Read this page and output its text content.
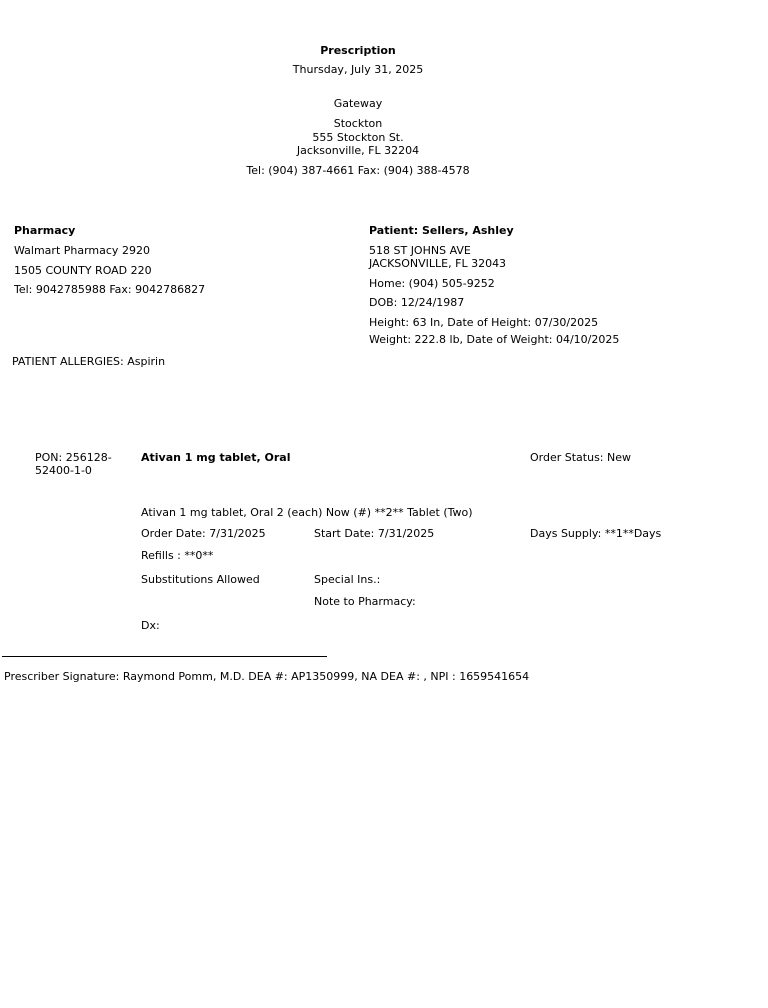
Prescription
Thursday, July 31, 2025
Gateway
Stockton
555 Stockton St.
Jacksonville, FL 32204
Tel: (904) 387-4661 Fax: (904) 388-4578
Pharmacy
Walmart Pharmacy 2920
1505 COUNTY ROAD 220
Tel: 9042785988 Fax: 9042786827
Patient: Sellers, Ashley
518 ST JOHNS AVE
JACKSONVILLE, FL 32043
Home: (904) 505-9252
DOB: 12/24/1987
Height: 63 In, Date of Height: 07/30/2025
Weight: 222.8 lb, Date of Weight: 04/10/2025
PATIENT ALLERGIES: Aspirin
PON: 256128-52400-1-0
Ativan 1 mg tablet, Oral	Order Status: New
Ativan 1 mg tablet, Oral 2 (each) Now (#) **2** Tablet (Two)
Order Date: 7/31/2025	Start Date: 7/31/2025	Days Supply: **1**Days
Refills : **0**
Substitutions Allowed	Special Ins.:
Note to Pharmacy:
Dx:
Prescriber Signature: Raymond Pomm, M.D. DEA #: AP1350999, NA DEA #: , NPI : 1659541654
